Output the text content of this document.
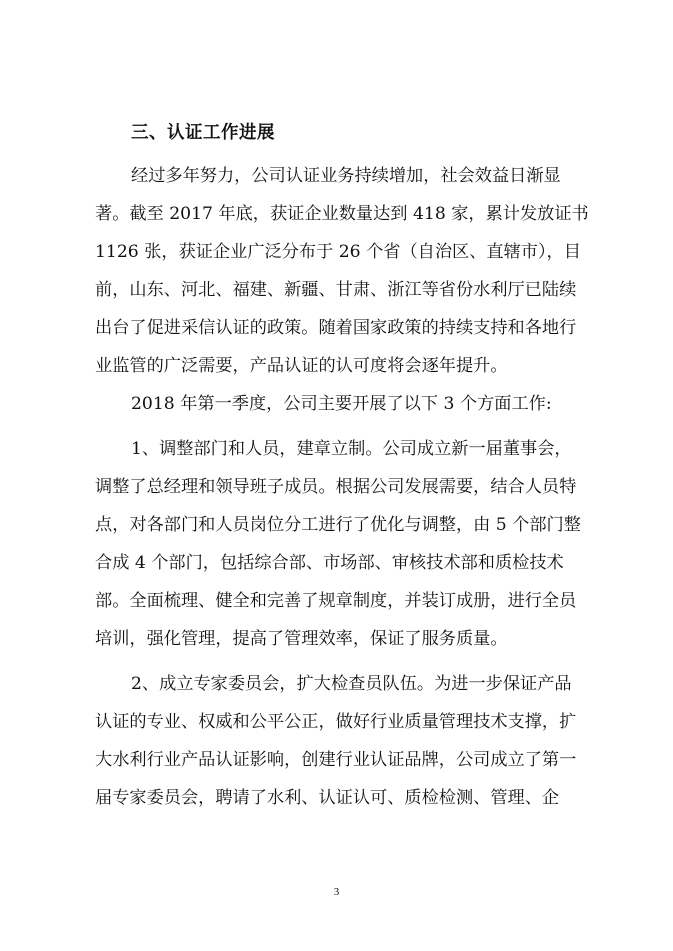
三、认证工作进展
经过多年努力，公司认证业务持续增加，社会效益日渐显
著。截至 2017 年底，获证企业数量达到 418 家，累计发放证书
1126 张，获证企业广泛分布于 26 个省（自治区、直辖市），目
前，山东、河北、福建、新疆、甘肃、浙江等省份水利厅已陆续
出台了促进采信认证的政策。随着国家政策的持续支持和各地行
业监管的广泛需要，产品认证的认可度将会逐年提升。
2018 年第一季度，公司主要开展了以下 3 个方面工作:
1、调整部门和人员，建章立制。公司成立新一届董事会，
调整了总经理和领导班子成员。根据公司发展需要，结合人员特
点，对各部门和人员岗位分工进行了优化与调整，由 5 个部门整
合成 4 个部门，包括综合部、市场部、审核技术部和质检技术
部。全面梳理、健全和完善了规章制度，并装订成册，进行全员
培训，强化管理，提高了管理效率，保证了服务质量。
2、成立专家委员会，扩大检查员队伍。为进一步保证产品
认证的专业、权威和公平公正，做好行业质量管理技术支撑，扩
大水利行业产品认证影响，创建行业认证品牌，公司成立了第一
届专家委员会，聘请了水利、认证认可、质检检测、管理、企
3
